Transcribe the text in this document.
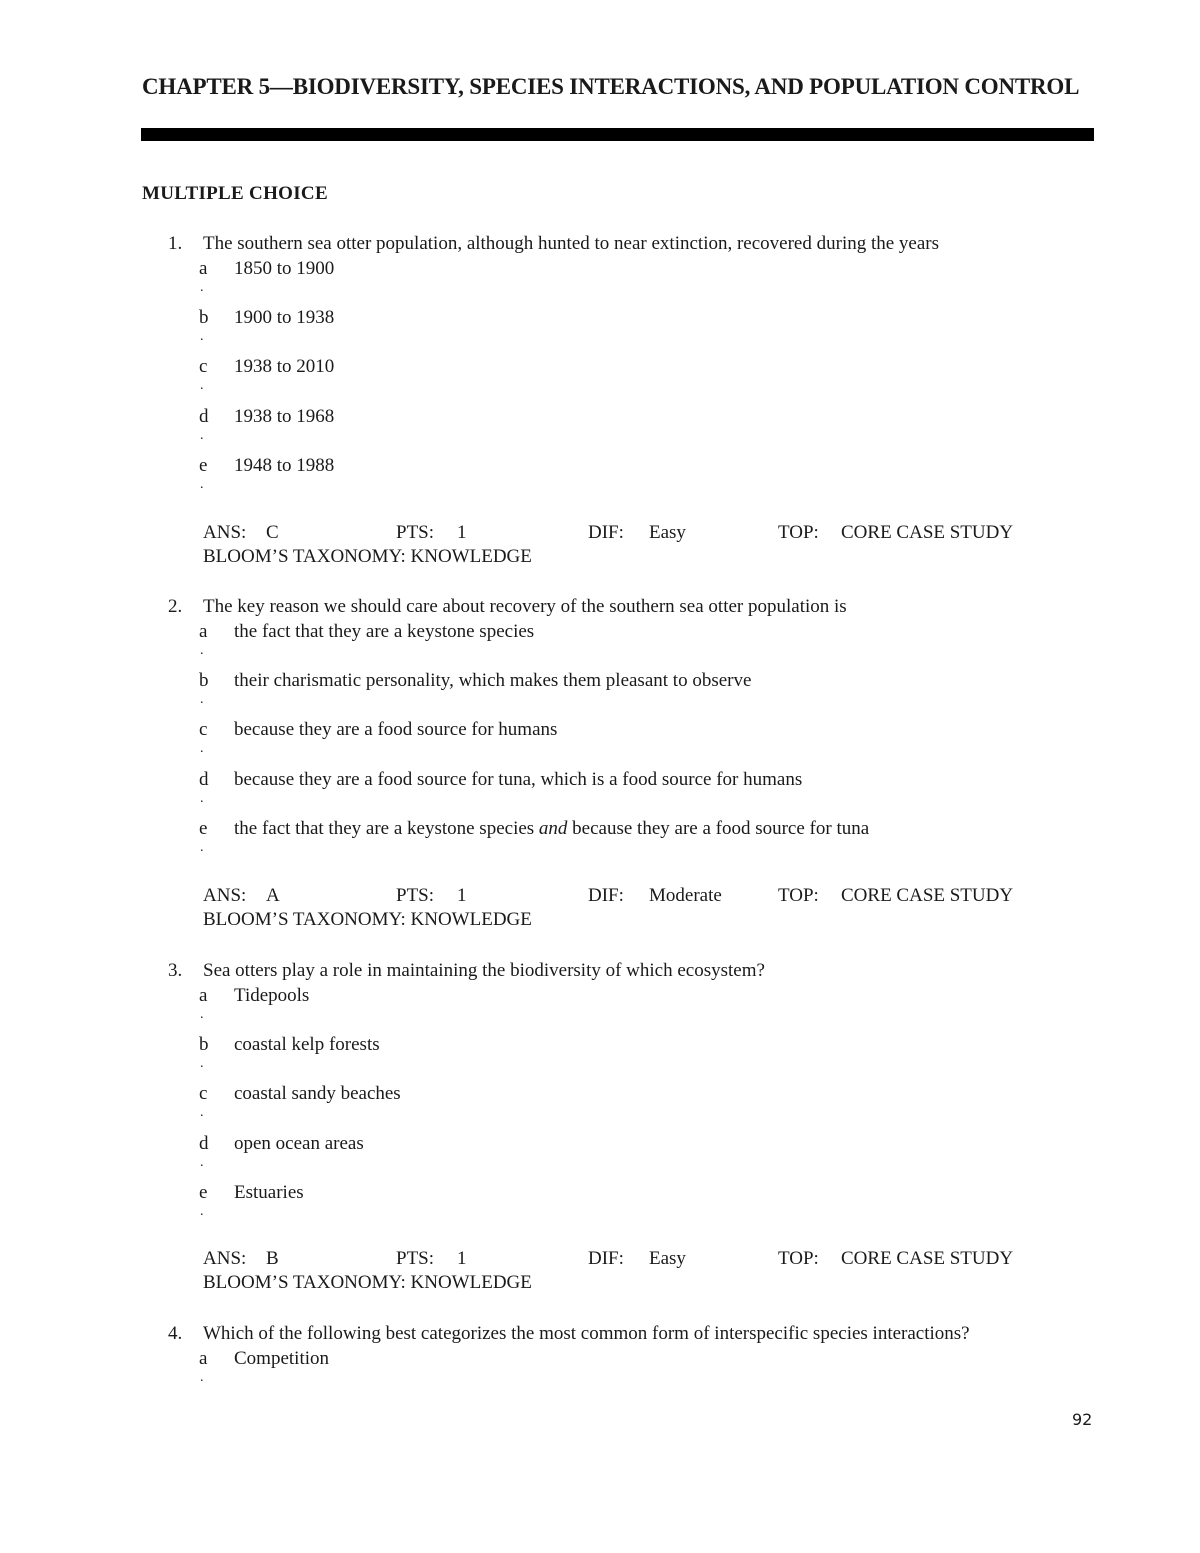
CHAPTER 5—BIODIVERSITY, SPECIES INTERACTIONS, AND POPULATION CONTROL
MULTIPLE CHOICE
1. The southern sea otter population, although hunted to near extinction, recovered during the years
a
.
1850 to 1900
b
.
1900 to 1938
c
.
1938 to 2010
d
.
1938 to 1968
e
.
1948 to 1988
ANS: C	PTS: 1	DIF: Easy	TOP: CORE CASE STUDY
BLOOM’S TAXONOMY: KNOWLEDGE
2. The key reason we should care about recovery of the southern sea otter population is
a
.
the fact that they are a keystone species
b
.
their charismatic personality, which makes them pleasant to observe
c
.
because they are a food source for humans
d
.
because they are a food source for tuna, which is a food source for humans
e
.
the fact that they are a keystone species and because they are a food source for tuna
ANS: A	PTS: 1	DIF: Moderate	TOP: CORE CASE STUDY
BLOOM’S TAXONOMY: KNOWLEDGE
3. Sea otters play a role in maintaining the biodiversity of which ecosystem?
a
.
Tidepools
b
.
coastal kelp forests
c
.
coastal sandy beaches
d
.
open ocean areas
e
.
Estuaries
ANS: B	PTS: 1	DIF: Easy	TOP: CORE CASE STUDY
BLOOM’S TAXONOMY: KNOWLEDGE
4. Which of the following best categorizes the most common form of interspecific species interactions?
a
.
Competition
92
